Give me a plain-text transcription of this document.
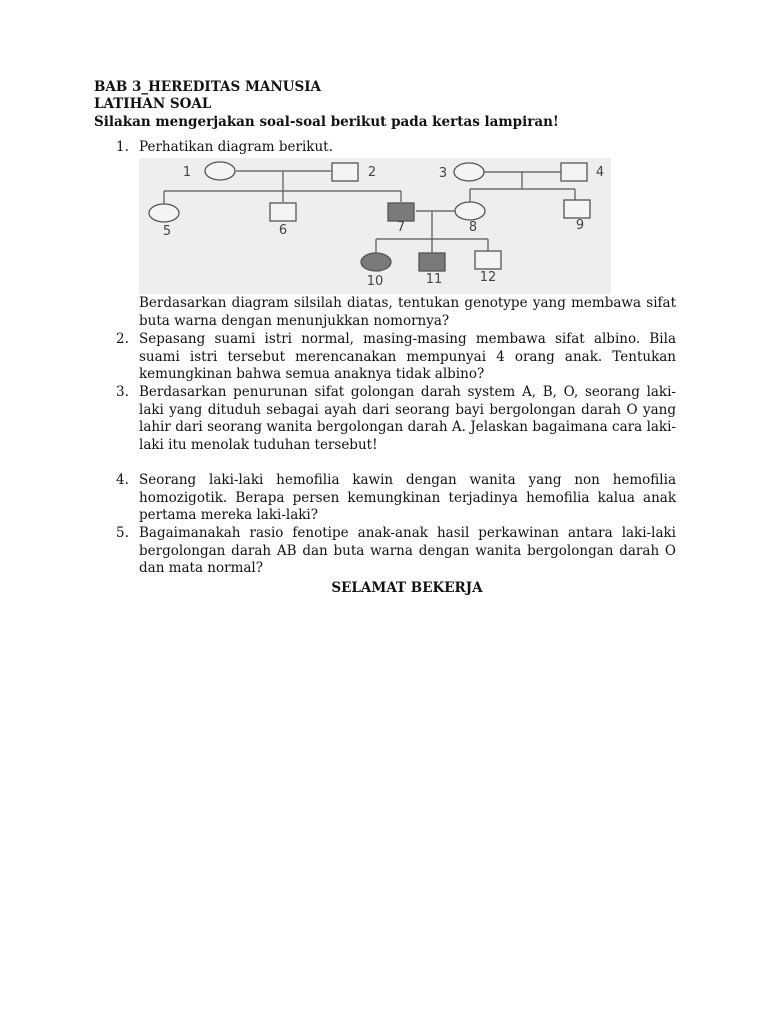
BAB 3_HEREDITAS MANUSIA
LATIHAN SOAL
Silakan mengerjakan soal-soal berikut pada kertas lampiran!
1. Perhatikan diagram berikut.
1	2	3	4
5	6	7	8	9
10	11	12
Berdasarkan diagram silsilah diatas, tentukan genotype yang membawa sifat buta warna dengan menunjukkan nomornya?
2. Sepasang suami istri normal, masing-masing membawa sifat albino. Bila suami istri tersebut merencanakan mempunyai 4 orang anak. Tentukan kemungkinan bahwa semua anaknya tidak albino?
3. Berdasarkan penurunan sifat golongan darah system A, B, O, seorang laki-laki yang dituduh sebagai ayah dari seorang bayi bergolongan darah O yang lahir dari seorang wanita bergolongan darah A. Jelaskan bagaimana cara laki-laki itu menolak tuduhan tersebut!
4. Seorang laki-laki hemofilia kawin dengan wanita yang non hemofilia homozigotik. Berapa persen kemungkinan terjadinya hemofilia kalua anak pertama mereka laki-laki?
5. Bagaimanakah rasio fenotipe anak-anak hasil perkawinan antara laki-laki bergolongan darah AB dan buta warna dengan wanita bergolongan darah O dan mata normal?
SELAMAT BEKERJA
